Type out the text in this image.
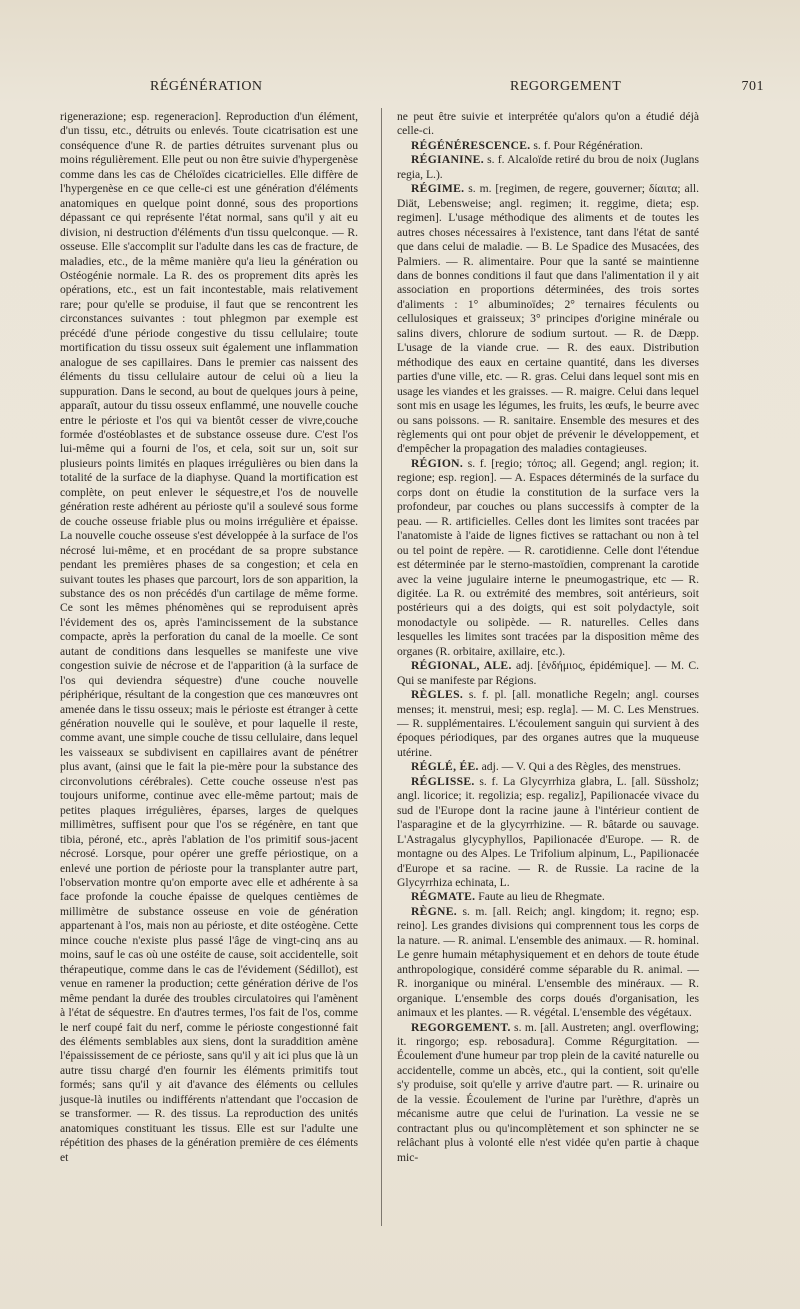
RÉGÉNÉRATION	REGORGEMENT	701

rigenerazione; esp. regeneracion]. Reproduction d'un élément, d'un tissu, etc., détruits ou enlevés. Toute cicatrisation est une conséquence d'une R. de parties détruites survenant plus ou moins régulièrement. Elle peut ou non être suivie d'hypergenèse comme dans les cas de Chéloïdes cicatricielles. Elle diffère de l'hypergenèse en ce que celle-ci est une génération d'éléments anatomiques en quelque point donné, sous des proportions dépassant ce qui représente l'état normal, sans qu'il y ait eu division, ni destruction d'éléments d'un tissu quelconque. — R. osseuse. Elle s'accomplit sur l'adulte dans les cas de fracture, de maladies, etc., de la même manière qu'a lieu la génération ou Ostéogénie normale. La R. des os proprement dits après les opérations, etc., est un fait incontestable, mais relativement rare; pour qu'elle se produise, il faut que se rencontrent les circonstances suivantes : tout phlegmon par exemple est précédé d'une période congestive du tissu cellulaire; toute mortification du tissu osseux suit également une inflammation analogue de ses capillaires. Dans le premier cas naissent des éléments du tissu cellulaire autour de celui où a lieu la suppuration. Dans le second, au bout de quelques jours à peine, apparaît, autour du tissu osseux enflammé, une nouvelle couche entre le périoste et l'os qui va bientôt cesser de vivre,couche formée d'ostéoblastes et de substance osseuse dure. C'est l'os lui-même qui a fourni de l'os, et cela, soit sur un, soit sur plusieurs points limités en plaques irrégulières ou bien dans la totalité de la surface de la diaphyse. Quand la mortification est complète, on peut enlever le séquestre,et l'os de nouvelle génération reste adhérent au périoste qu'il a soulevé sous forme de couche osseuse friable plus ou moins irrégulière et épaisse. La nouvelle couche osseuse s'est développée à la surface de l'os nécrosé lui-même, et en procédant de sa propre substance pendant les premières phases de sa congestion; et cela en suivant toutes les phases que parcourt, lors de son apparition, la substance des os non précédés d'un cartilage de même forme. Ce sont les mêmes phénomènes qui se reproduisent après l'évidement des os, après l'amincissement de la substance compacte, après la perforation du canal de la moelle. Ce sont autant de conditions dans lesquelles se manifeste une vive congestion suivie de nécrose et de l'apparition (à la surface de l'os qui deviendra séquestre) d'une couche nouvelle périphérique, résultant de la congestion que ces manœuvres ont amenée dans le tissu osseux; mais le périoste est étranger à cette génération nouvelle qui le soulève, et pour laquelle il reste, comme avant, une simple couche de tissu cellulaire, dans lequel les vaisseaux se subdivisent en capillaires avant de pénétrer plus avant, (ainsi que le fait la pie-mère pour la substance des circonvolutions cérébrales). Cette couche osseuse n'est pas toujours uniforme, continue avec elle-même partout; mais de petites plaques irrégulières, éparses, larges de quelques millimètres, suffisent pour que l'os se régénère, en tant que tibia, péroné, etc., après l'ablation de l'os primitif sous-jacent nécrosé. Lorsque, pour opérer une greffe périostique, on a enlevé une portion de périoste pour la transplanter autre part, l'observation montre qu'on emporte avec elle et adhérente à sa face profonde la couche épaisse de quelques centièmes de millimètre de substance osseuse en voie de génération appartenant à l'os, mais non au périoste, et dite ostéogène. Cette mince couche n'existe plus passé l'âge de vingt-cinq ans au moins, sauf le cas où une ostéite de cause, soit accidentelle, soit thérapeutique, comme dans le cas de l'évidement (Sédillot), est venue en ramener la production; cette génération dérive de l'os même pendant la durée des troubles circulatoires qui l'amènent à l'état de séquestre. En d'autres termes, l'os fait de l'os, comme le nerf coupé fait du nerf, comme le périoste congestionné fait des éléments semblables aux siens, dont la suraddition amène l'épaississement de ce périoste, sans qu'il y ait ici plus que là un autre tissu chargé d'en fournir les éléments primitifs tout formés; sans qu'il y ait d'avance des éléments ou cellules jusque-là inutiles ou indifférents n'attendant que l'occasion de se transformer. — R. des tissus. La reproduction des unités anatomiques constituant les tissus. Elle est sur l'adulte une répétition des phases de la génération première de ces éléments et

ne peut être suivie et interprétée qu'alors qu'on a étudié déjà celle-ci.

RÉGÉNÉRESCENCE. s. f. Pour Régénération.

RÉGIANINE. s. f. Alcaloïde retiré du brou de noix (Juglans regia, L.).

RÉGIME. s. m. [regimen, de regere, gouverner; δίαιτα; all. Diät, Lebensweise; angl. regimen; it. reggime, dieta; esp. regimen]. L'usage méthodique des aliments et de toutes les autres choses nécessaires à l'existence, tant dans l'état de santé que dans celui de maladie. — B. Le Spadice des Musacées, des Palmiers. — R. alimentaire. Pour que la santé se maintienne dans de bonnes conditions il faut que dans l'alimentation il y ait association en proportions déterminées, des trois sortes d'aliments : 1° albuminoïdes; 2° ternaires féculents ou cellulosiques et graisseux; 3° principes d'origine minérale ou salins divers, chlorure de sodium surtout. — R. de Dæpp. L'usage de la viande crue. — R. des eaux. Distribution méthodique des eaux en certaine quantité, dans les diverses parties d'une ville, etc. — R. gras. Celui dans lequel sont mis en usage les viandes et les graisses. — R. maigre. Celui dans lequel sont mis en usage les légumes, les fruits, les œufs, le beurre avec ou sans poissons. — R. sanitaire. Ensemble des mesures et des règlements qui ont pour objet de prévenir le développement, et d'empêcher la propagation des maladies contagieuses.

RÉGION. s. f. [regio; τόπος; all. Gegend; angl. region; it. regione; esp. region]. — A. Espaces déterminés de la surface du corps dont on étudie la constitution de la surface vers la profondeur, par couches ou plans successifs à compter de la peau. — R. artificielles. Celles dont les limites sont tracées par l'anatomiste à l'aide de lignes fictives se rattachant ou non à tel ou tel point de repère. — R. carotidienne. Celle dont l'étendue est déterminée par le sterno-mastoïdien, comprenant la carotide avec la veine jugulaire interne le pneumogastrique, etc — R. digitée. La R. ou extrémité des membres, soit antérieurs, soit postérieurs qui a des doigts, qui est soit polydactyle, soit monodactyle ou solipède. — R. naturelles. Celles dans lesquelles les limites sont tracées par la disposition même des organes (R. orbitaire, axillaire, etc.).

RÉGIONAL, ALE. adj. [ἐνδήμιος, épidémique]. — M. C. Qui se manifeste par Régions.

RÈGLES. s. f. pl. [all. monatliche Regeln; angl. courses menses; it. menstrui, mesi; esp. regla]. — M. C. Les Menstrues. — R. supplémentaires. L'écoulement sanguin qui survient à des époques périodiques, par des organes autres que la muqueuse utérine.

RÉGLÉ, ÉE. adj. — V. Qui a des Règles, des menstrues.

RÉGLISSE. s. f. La Glycyrrhiza glabra, L. [all. Süssholz; angl. licorice; it. regolizia; esp. regaliz], Papilionacée vivace du sud de l'Europe dont la racine jaune à l'intérieur contient de l'asparagine et de la glycyrrhizine. — R. bâtarde ou sauvage. L'Astragalus glycyphyllos, Papilionacée d'Europe. — R. de montagne ou des Alpes. Le Trifolium alpinum, L., Papilionacée d'Europe et sa racine. — R. de Russie. La racine de la Glycyrrhiza echinata, L.

RÉGMATE. Faute au lieu de Rhegmate.

RÈGNE. s. m. [all. Reich; angl. kingdom; it. regno; esp. reino]. Les grandes divisions qui comprennent tous les corps de la nature. — R. animal. L'ensemble des animaux. — R. hominal. Le genre humain métaphysiquement et en dehors de toute étude anthropologique, considéré comme séparable du R. animal. — R. inorganique ou minéral. L'ensemble des minéraux. — R. organique. L'ensemble des corps doués d'organisation, les animaux et les plantes. — R. végétal. L'ensemble des végétaux.

REGORGEMENT. s. m. [all. Austreten; angl. overflowing; it. ringorgo; esp. rebosadura]. Comme Régurgitation. — Écoulement d'une humeur par trop plein de la cavité naturelle ou accidentelle, comme un abcès, etc., qui la contient, soit qu'elle s'y produise, soit qu'elle y arrive d'autre part. — R. urinaire ou de la vessie. Écoulement de l'urine par l'urèthre, d'après un mécanisme autre que celui de l'urination. La vessie ne se contractant plus ou qu'incomplètement et son sphincter ne se relâchant plus à volonté elle n'est vidée qu'en partie à chaque mic-
